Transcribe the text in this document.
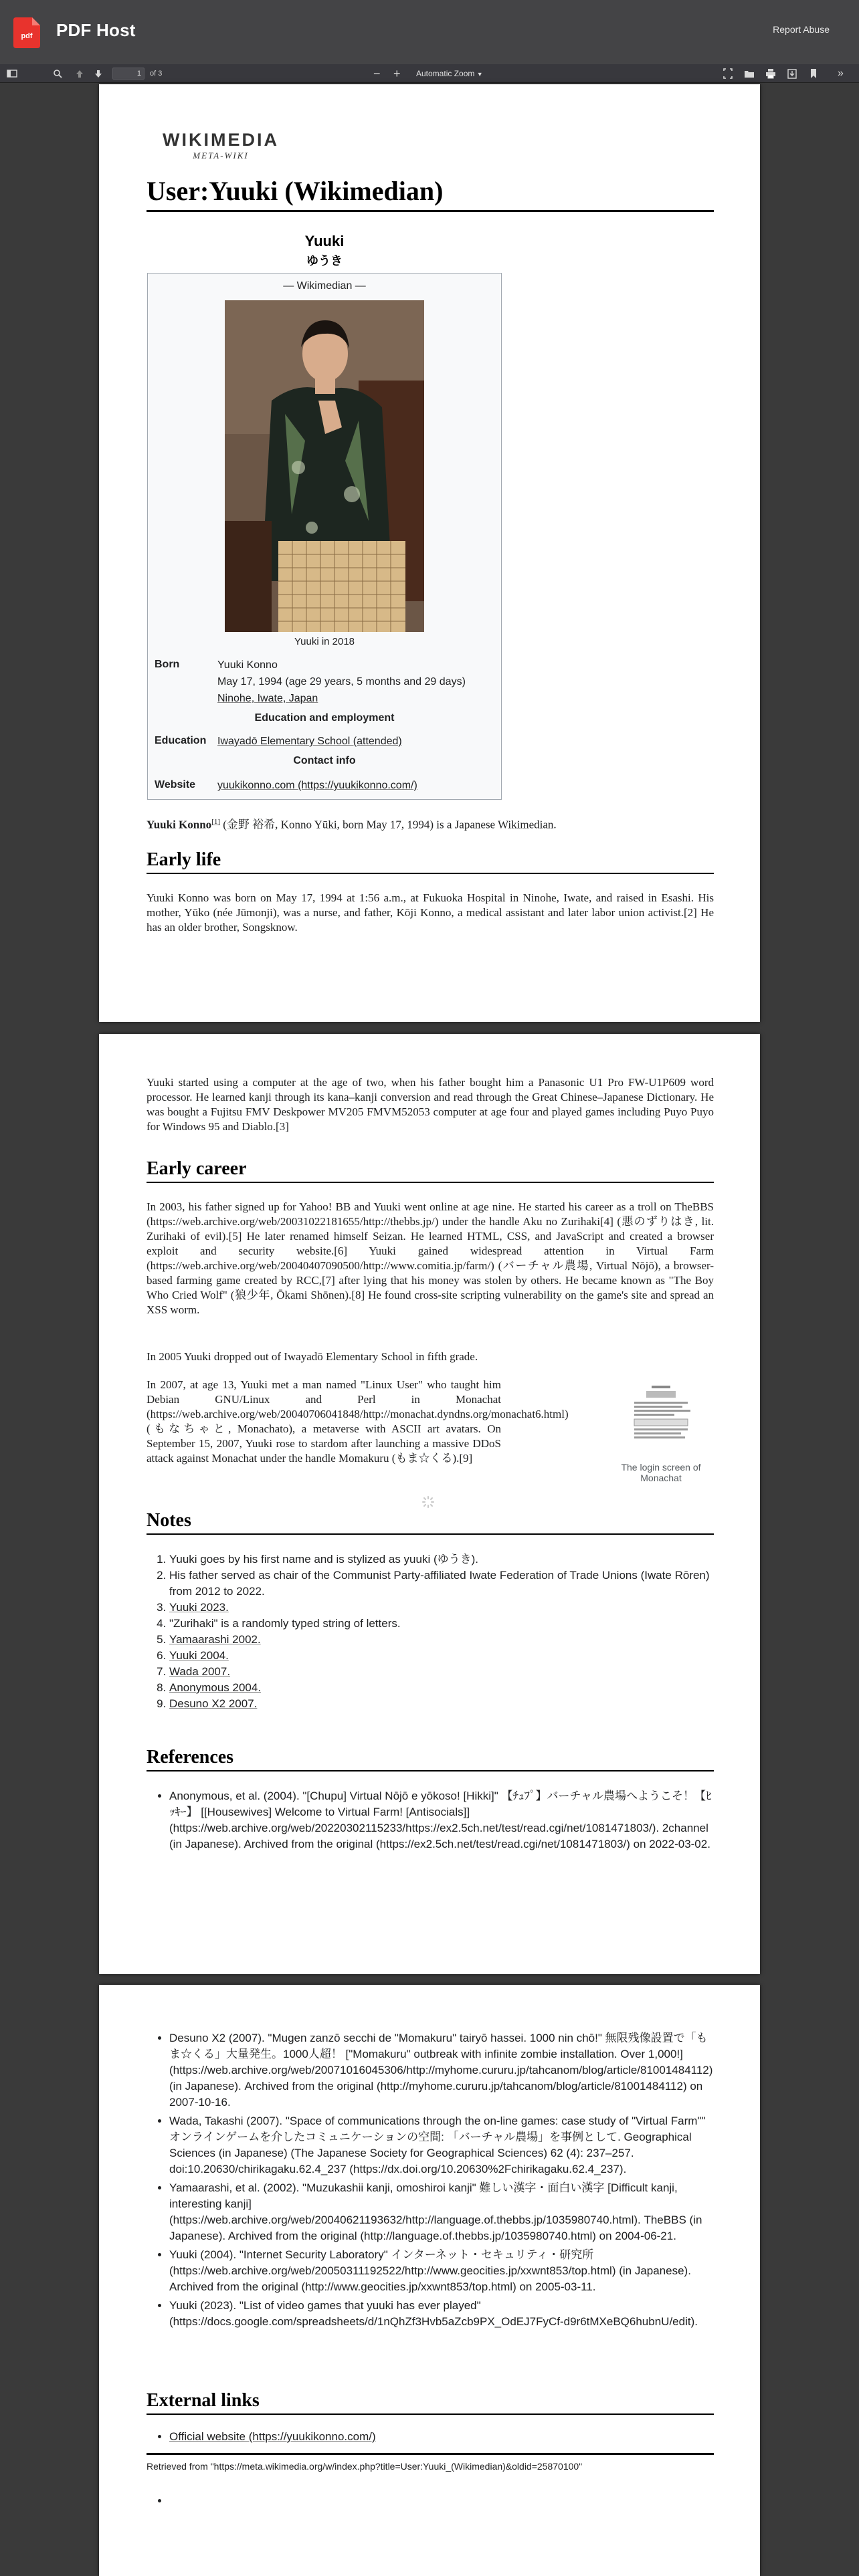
pdf PDF Host	Report Abuse
1
of 3	− +	Automatic Zoom ▼	»
WIKIMEDIA
META-WIKI
User:Yuuki (Wikimedian)
Yuuki
ゆうき
— Wikimedian —
Yuuki in 2018
Born	Yuuki Konno
May 17, 1994 (age 29 years, 5 months and 29 days)
Ninohe, Iwate, Japan
Education and employment
Education Iwayadō Elementary School (attended)
Contact info
Website yuukikonno.com (https://yuukikonno.com/)
Yuuki Konno[1] (金野 裕希, Konno Yūki, born May 17, 1994) is a Japanese Wikimedian.
Early life
Yuuki Konno was born on May 17, 1994 at 1:56 a.m., at Fukuoka Hospital in Ninohe, Iwate, and raised in Esashi. His mother, Yūko (née Jūmonji), was a nurse, and father, Kōji Konno, a medical assistant and later labor union activist.[2] He has an older brother, Songsknow.
Yuuki started using a computer at the age of two, when his father bought him a Panasonic U1 Pro FW-U1P609 word processor. He learned kanji through its kana–kanji conversion and read through the Great Chinese–Japanese Dictionary. He was bought a Fujitsu FMV Deskpower MV205 FMVM52053 computer at age four and played games including Puyo Puyo for Windows 95 and Diablo.[3]
Early career
In 2003, his father signed up for Yahoo! BB and Yuuki went online at age nine. He started his career as a troll on TheBBS (https://web.archive.org/web/20031022181655/http://thebbs.jp/) under the handle Aku no Zurihaki[4] (悪のずりはき, lit. Zurihaki of evil).[5] He later renamed himself Seizan. He learned HTML, CSS, and JavaScript and created a browser exploit and security website.[6] Yuuki gained widespread attention in Virtual Farm (https://web.archive.org/web/20040407090500/http://www.comitia.jp/farm/) (バーチャル農場, Virtual Nōjō), a browser-based farming game created by RCC,[7] after lying that his money was stolen by others. He became known as "The Boy Who Cried Wolf" (狼少年, Ōkami Shōnen).[8] He found cross-site scripting vulnerability on the game's site and spread an XSS worm.
In 2005 Yuuki dropped out of Iwayadō Elementary School in fifth grade.
In 2007, at age 13, Yuuki met a man named "Linux User" who taught him Debian GNU/Linux and Perl in Monachat (https://web.archive.org/web/20040706041848/http://monachat.dyndns.org/monachat6.html) (もなちゃと, Monachato), a metaverse with ASCII art avatars. On September 15, 2007, Yuuki rose to stardom after launching a massive DDoS attack against Monachat under the handle Momakuru (もま☆くる).[9]
The login screen of Monachat
Notes
1. Yuuki goes by his first name and is stylized as yuuki (ゆうき).
2. His father served as chair of the Communist Party-affiliated Iwate Federation of Trade Unions (Iwate Rōren) from 2012 to 2022.
3. Yuuki 2023.
4. "Zurihaki" is a randomly typed string of letters.
5. Yamaarashi 2002.
6. Yuuki 2004.
7. Wada 2007.
8. Anonymous 2004.
9. Desuno X2 2007.
References
• Anonymous, et al. (2004). "[Chupu] Virtual Nōjō e yōkoso! [Hikki]" 【ﾁｭﾌﾟ】バーチャル農場へようこそ！【ﾋｯｷｰ】 [[Housewives] Welcome to Virtual Farm! [Antisocials]] (https://web.archive.org/web/20220302115233/https://ex2.5ch.net/test/read.cgi/net/1081471803/). 2channel (in Japanese). Archived from the original (https://ex2.5ch.net/test/read.cgi/net/1081471803/) on 2022-03-02.
• Desuno X2 (2007). "Mugen zanzō secchi de "Momakuru" tairyō hassei. 1000 nin chō!" 無限残像設置で「もま☆くる」大量発生。1000人超！ ["Momakuru" outbreak with infinite zombie installation. Over 1,000!] (https://web.archive.org/web/20071016045306/http://myhome.cururu.jp/tahcanom/blog/article/81001484112) (in Japanese). Archived from the original (http://myhome.cururu.jp/tahcanom/blog/article/81001484112) on 2007-10-16.
• Wada, Takashi (2007). "Space of communications through the on-line games: case study of "Virtual Farm"" オンラインゲームを介したコミュニケーションの空間: 「バーチャル農場」を事例として. Geographical Sciences (in Japanese) (The Japanese Society for Geographical Sciences) 62 (4): 237–257. doi:10.20630/chirikagaku.62.4_237 (https://dx.doi.org/10.20630%2Fchirikagaku.62.4_237).
• Yamaarashi, et al. (2002). "Muzukashii kanji, omoshiroi kanji" 難しい漢字・面白い漢字 [Difficult kanji, interesting kanji] (https://web.archive.org/web/20040621193632/http://language.of.thebbs.jp/1035980740.html). TheBBS (in Japanese). Archived from the original (http://language.of.thebbs.jp/1035980740.html) on 2004-06-21.
• Yuuki (2004). "Internet Security Laboratory" インターネット・セキュリティ・研究所 (https://web.archive.org/web/20050311192522/http://www.geocities.jp/xxwnt853/top.html) (in Japanese). Archived from the original (http://www.geocities.jp/xxwnt853/top.html) on 2005-03-11.
• Yuuki (2023). "List of video games that yuuki has ever played" (https://docs.google.com/spreadsheets/d/1nQhZf3Hvb5aZcb9PX_OdEJ7FyCf-d9r6tMXeBQ6hubnU/edit).
External links
• Official website (https://yuukikonno.com/)
Retrieved from "https://meta.wikimedia.org/w/index.php?title=User:Yuuki_(Wikimedian)&oldid=25870100"
•
